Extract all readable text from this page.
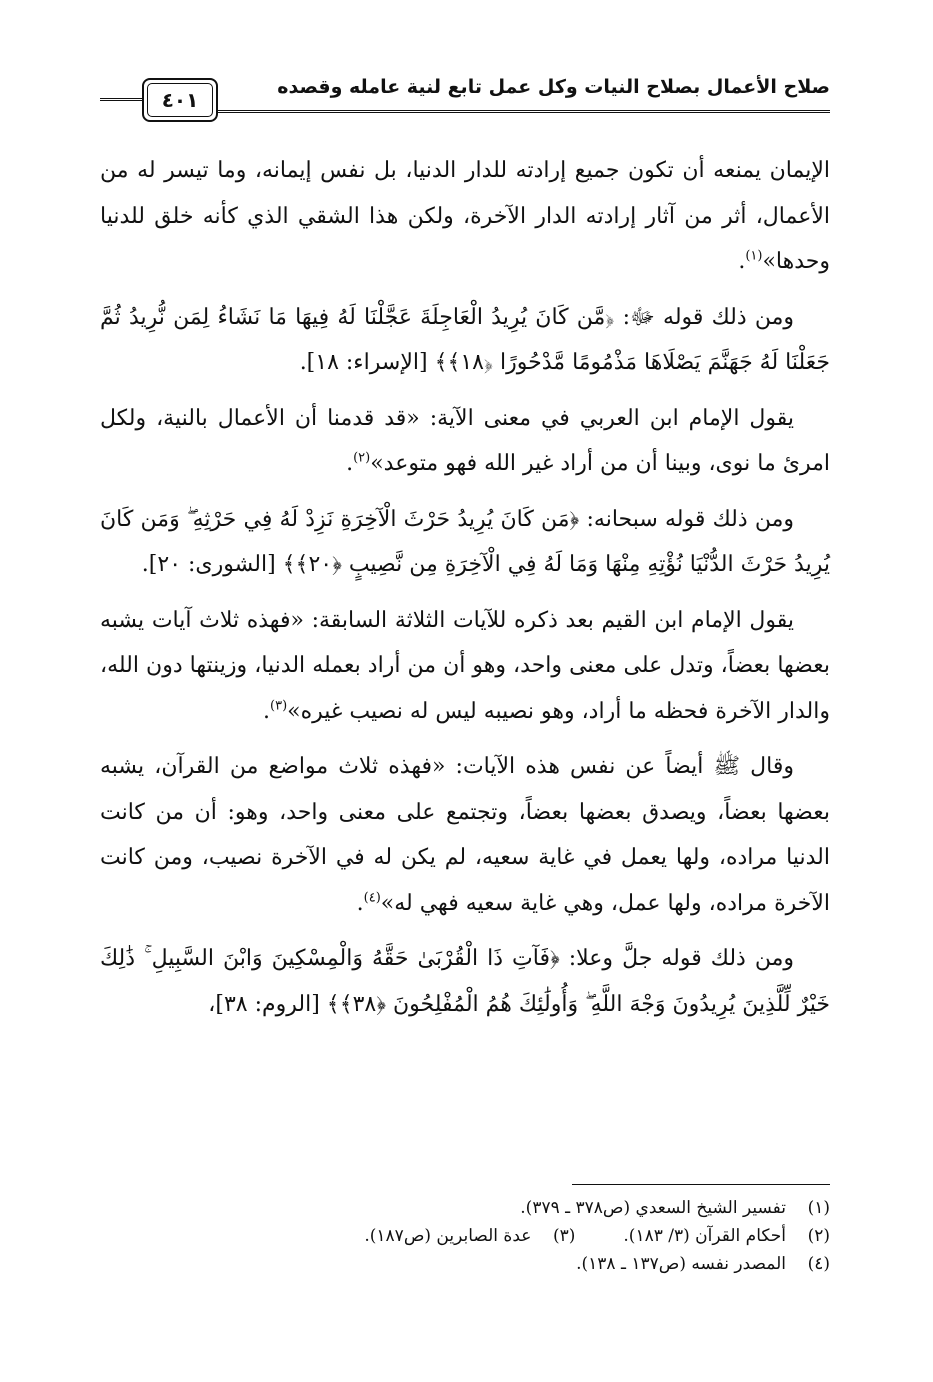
صلاح الأعمال بصلاح النيات وكل عمل تابع لنية عامله وقصده
٤٠١

الإيمان يمنعه أن تكون جميع إرادته للدار الدنيا، بل نفس إيمانه، وما تيسر له من الأعمال، أثر من آثار إرادته الدار الآخرة، ولكن هذا الشقي الذي كأنه خلق للدنيا وحدها»$^{(١)}$.

ومن ذلك قوله ﷻ: ﴿مَّن كَانَ يُرِيدُ الْعَاجِلَةَ عَجَّلْنَا لَهُ فِيهَا مَا نَشَاءُ لِمَن نُّرِيدُ ثُمَّ جَعَلْنَا لَهُ جَهَنَّمَ يَصْلَاهَا مَذْمُومًا مَّدْحُورًا ﴿١٨﴾﴾ [الإسراء: ١٨].

يقول الإمام ابن العربي في معنى الآية: «قد قدمنا أن الأعمال بالنية، ولكل امرئ ما نوى، وبينا أن من أراد غير الله فهو متوعد»$^{(٢)}$.

ومن ذلك قوله سبحانه: ﴿مَن كَانَ يُرِيدُ حَرْثَ الْآخِرَةِ نَزِدْ لَهُ فِي حَرْثِهِ ۖ وَمَن كَانَ يُرِيدُ حَرْثَ الدُّنْيَا نُؤْتِهِ مِنْهَا وَمَا لَهُ فِي الْآخِرَةِ مِن نَّصِيبٍ ﴿٢٠﴾﴾ [الشورى: ٢٠].

يقول الإمام ابن القيم بعد ذكره للآيات الثلاثة السابقة: «فهذه ثلاث آيات يشبه بعضها بعضاً، وتدل على معنى واحد، وهو أن من أراد بعمله الدنيا، وزينتها دون الله، والدار الآخرة فحظه ما أراد، وهو نصيبه ليس له نصيب غيره»$^{(٣)}$.

وقال ﷺ أيضاً عن نفس هذه الآيات: «فهذه ثلاث مواضع من القرآن، يشبه بعضها بعضاً، ويصدق بعضها بعضاً، وتجتمع على معنى واحد، وهو: أن من كانت الدنيا مراده، ولها يعمل في غاية سعيه، لم يكن له في الآخرة نصيب، ومن كانت الآخرة مراده، ولها عمل، وهي غاية سعيه فهي له»$^{(٤)}$.

ومن ذلك قوله جلَّ وعلا: ﴿فَآتِ ذَا الْقُرْبَىٰ حَقَّهُ وَالْمِسْكِينَ وَابْنَ السَّبِيلِ ۚ ذَٰلِكَ خَيْرٌ لِّلَّذِينَ يُرِيدُونَ وَجْهَ اللَّهِ ۖ وَأُولَٰئِكَ هُمُ الْمُفْلِحُونَ ﴿٣٨﴾﴾ [الروم: ٣٨]،

(١)تفسير الشيخ السعدي (ص٣٧٨ ـ ٣٧٩).
(٢)أحكام القرآن (٣/ ١٨٣).(٣)عدة الصابرين (ص١٨٧).
(٤)المصدر نفسه (ص١٣٧ ـ ١٣٨).
